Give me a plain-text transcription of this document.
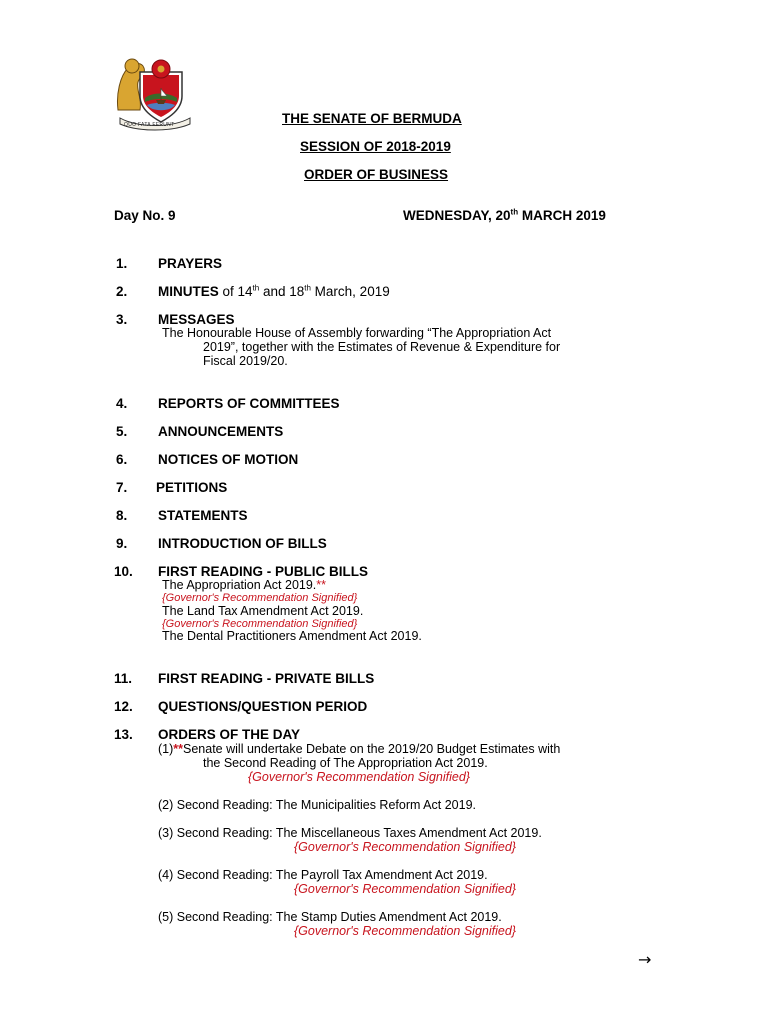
QUO FATA FERUNT	THE SENATE OF BERMUDA
SESSION OF 2018-2019
ORDER OF BUSINESS
Day No. 9	WEDNESDAY, 20th MARCH 2019
1. PRAYERS
2. MINUTES of 14th and 18th March, 2019
3. MESSAGES
The Honourable House of Assembly forwarding “The Appropriation Act
2019”, together with the Estimates of Revenue & Expenditure for
Fiscal 2019/20.
4. REPORTS OF COMMITTEES
5. ANNOUNCEMENTS
6. NOTICES OF MOTION
7. PETITIONS
8. STATEMENTS
9. INTRODUCTION OF BILLS
10. FIRST READING - PUBLIC BILLS
The Appropriation Act 2019.**
{Governor's Recommendation Signified}
The Land Tax Amendment Act 2019.
{Governor's Recommendation Signified}
The Dental Practitioners Amendment Act 2019.
11. FIRST READING - PRIVATE BILLS
12. QUESTIONS/QUESTION PERIOD
13. ORDERS OF THE DAY
(1)**Senate will undertake Debate on the 2019/20 Budget Estimates with
the Second Reading of The Appropriation Act 2019.
{Governor's Recommendation Signified}
(2) Second Reading: The Municipalities Reform Act 2019.
(3) Second Reading: The Miscellaneous Taxes Amendment Act 2019.
{Governor's Recommendation Signified}
(4) Second Reading: The Payroll Tax Amendment Act 2019.
{Governor's Recommendation Signified}
(5) Second Reading: The Stamp Duties Amendment Act 2019.
{Governor's Recommendation Signified}
→
